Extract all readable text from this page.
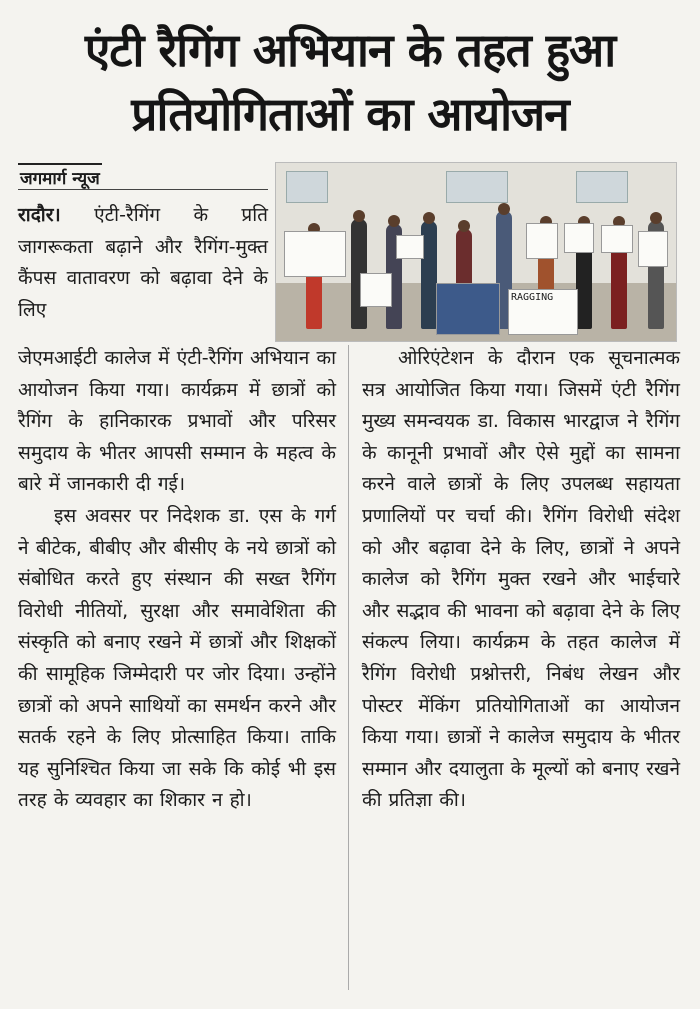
एंटी रैगिंग अभियान के तहत हुआ
प्रतियोगिताओं का आयोजन
जगमार्ग न्यूज
RAGGING

रादौर। एंटी-रैगिंग के प्रति जागरूकता बढ़ाने और रैगिंग-मुक्त कैंपस वातावरण को बढ़ावा देने के लिए

जेएमआईटी कालेज में एंटी-रैगिंग अभियान का आयोजन किया गया। कार्यक्रम में छात्रों को रैगिंग के हानिकारक प्रभावों और परिसर समुदाय के भीतर आपसी सम्मान के महत्व के बारे में जानकारी दी गई।

इस अवसर पर निदेशक डा. एस के गर्ग ने बीटेक, बीबीए और बीसीए के नये छात्रों को संबोधित करते हुए संस्थान की सख्त रैगिंग विरोधी नीतियों, सुरक्षा और समावेशिता की संस्कृति को बनाए रखने में छात्रों और शिक्षकों की सामूहिक जिम्मेदारी पर जोर दिया। उन्होंने छात्रों को अपने साथियों का समर्थन करने और सतर्क रहने के लिए प्रोत्साहित किया। ताकि यह सुनिश्चित किया जा सके कि कोई भी इस तरह के व्यवहार का शिकार न हो।

ओरिएंटेशन के दौरान एक सूचनात्मक सत्र आयोजित किया गया। जिसमें एंटी रैगिंग मुख्य समन्वयक डा. विकास भारद्वाज ने रैगिंग के कानूनी प्रभावों और ऐसे मुद्दों का सामना करने वाले छात्रों के लिए उपलब्ध सहायता प्रणालियों पर चर्चा की। रैगिंग विरोधी संदेश को और बढ़ावा देने के लिए, छात्रों ने अपने कालेज को रैगिंग मुक्त रखने और भाईचारे और सद्भाव की भावना को बढ़ावा देने के लिए संकल्प लिया। कार्यक्रम के तहत कालेज में रैगिंग विरोधी प्रश्नोत्तरी, निबंध लेखन और पोस्टर मेंकिंग प्रतियोगिताओं का आयोजन किया गया। छात्रों ने कालेज समुदाय के भीतर सम्मान और दयालुता के मूल्यों को बनाए रखने की प्रतिज्ञा की।
